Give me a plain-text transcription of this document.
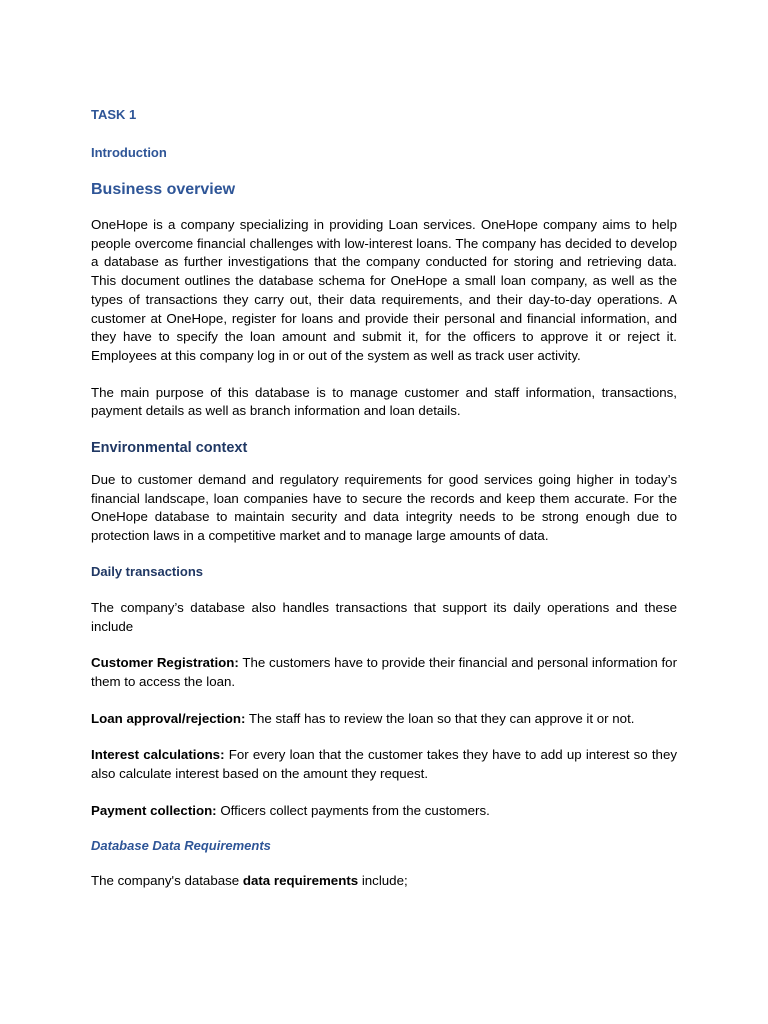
TASK 1
Introduction
Business overview

OneHope is a company specializing in providing Loan services. OneHope company aims to help people overcome financial challenges with low-interest loans. The company has decided to develop a database as further investigations that the company conducted for storing and retrieving data. This document outlines the database schema for OneHope a small loan company, as well as the types of transactions they carry out, their data requirements, and their day-to-day operations. A customer at OneHope, register for loans and provide their personal and financial information, and they have to specify the loan amount and submit it, for the officers to approve it or reject it. Employees at this company log in or out of the system as well as track user activity.

The main purpose of this database is to manage customer and staff information, transactions, payment details as well as branch information and loan details.

Environmental context

Due to customer demand and regulatory requirements for good services going higher in today’s financial landscape, loan companies have to secure the records and keep them accurate. For the OneHope database to maintain security and data integrity needs to be strong enough due to protection laws in a competitive market and to manage large amounts of data.

Daily transactions

The company’s database also handles transactions that support its daily operations and these include

Customer Registration: The customers have to provide their financial and personal information for them to access the loan.

Loan approval/rejection: The staff has to review the loan so that they can approve it or not.

Interest calculations: For every loan that the customer takes they have to add up interest so they also calculate interest based on the amount they request.

Payment collection: Officers collect payments from the customers.

Database Data Requirements

The company's database data requirements include;
